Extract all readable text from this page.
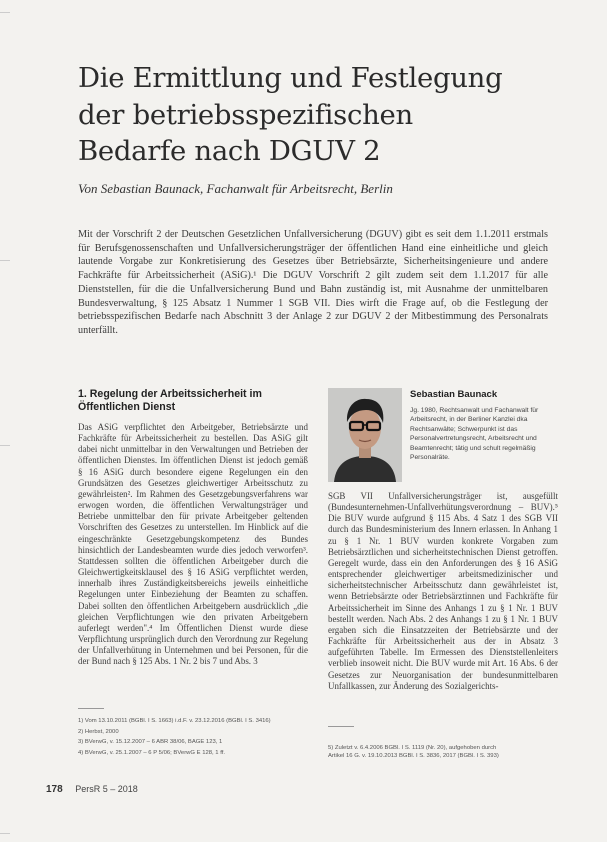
Die Ermittlung und Festlegung
der betriebsspezifischen
Bedarfe nach DGUV 2
Von Sebastian Baunack, Fachanwalt für Arbeitsrecht, Berlin
Mit der Vorschrift 2 der Deutschen Gesetzlichen Unfallversicherung (DGUV) gibt es seit dem 1.1.2011 erstmals für Berufsgenossenschaften und Unfallversicherungsträger der öffentlichen Hand eine einheitliche und gleich lautende Vorgabe zur Konkretisierung des Gesetzes über Betriebsärzte, Sicherheitsingenieure und andere Fachkräfte für Arbeitssicherheit (ASiG).¹ Die DGUV Vorschrift 2 gilt zudem seit dem 1.1.2017 für alle Dienststellen, für die die Unfallversicherung Bund und Bahn zuständig ist, mit Ausnahme der unmittelbaren Bundesverwaltung, § 125 Absatz 1 Nummer 1 SGB VII. Dies wirft die Frage auf, ob die Festlegung der betriebsspezifischen Bedarfe nach Abschnitt 3 der Anlage 2 zur DGUV 2 der Mitbestimmung des Personalrats unterfällt.
1. Regelung der Arbeitssicherheit im Öffentlichen Dienst
Das ASiG verpflichtet den Arbeitgeber, Betriebsärzte und Fachkräfte für Arbeitssicherheit zu bestellen. Das ASiG gilt dabei nicht unmittelbar in den Verwaltungen und Betrieben der öffentlichen Dienstes. Im öffentlichen Dienst ist jedoch gemäß § 16 ASiG durch besondere eigene Regelungen ein den Grundsätzen des Gesetzes gleichwertiger Arbeitsschutz zu gewährleisten². Im Rahmen des Gesetzgebungsverfahrens war erwogen worden, die öffentlichen Verwaltungsträger und Betriebe unmittelbar den für private Arbeitgeber geltenden Vorschriften des Gesetzes zu unterstellen. Im Hinblick auf die eingeschränkte Gesetzgebungskompetenz des Bundes hinsichtlich der Landesbeamten wurde dies jedoch verworfen³. Stattdessen sollten die öffentlichen Arbeitgeber durch die Gleichwertigkeitsklausel des § 16 ASiG verpflichtet werden, innerhalb ihres Zuständigkeitsbereichs jeweils einheitliche Regelungen unter Einbeziehung der Beamten zu schaffen. Dabei sollten den öffentlichen Arbeitgebern ausdrücklich „die gleichen Verpflichtungen wie den privaten Arbeitgebern auferlegt werden".⁴ Im Öffentlichen Dienst wurde diese Verpflichtung ursprünglich durch den Verordnung zur Regelung der Unfallverhütung in Unternehmen und bei Personen, für die der Bund nach § 125 Abs. 1 Nr. 2 bis 7 und Abs. 3
Sebastian Baunack
Jg. 1980, Rechtsanwalt und Fachanwalt für Arbeitsrecht, in der Berliner Kanzlei dka Rechtsanwälte; Schwerpunkt ist das Personalvertretungsrecht, Arbeitsrecht und Beamtenrecht; tätig und schult regelmäßig Personalräte.
SGB VII Unfallversicherungsträger ist, ausgefüllt (Bundesunternehmen-Unfallverhütungsverordnung – BUV).⁵ Die BUV wurde aufgrund § 115 Abs. 4 Satz 1 des SGB VII durch das Bundesministerium des Innern erlassen. In Anhang 1 zu § 1 Nr. 1 BUV wurden konkrete Vorgaben zum Betriebsärztlichen und sicherheitstechnischen Dienst getroffen. Geregelt wurde, dass ein den Anforderungen des § 16 ASiG entsprechender gleichwertiger arbeitsmedizinischer und sicherheitstechnischer Arbeitsschutz dann gewährleistet ist, wenn Betriebsärzte oder Betriebsärztinnen und Fachkräfte für Arbeitssicherheit im Sinne des Anhangs 1 zu § 1 Nr. 1 BUV bestellt werden. Nach Abs. 2 des Anhangs 1 zu § 1 Nr. 1 BUV ergaben sich die Einsatzzeiten der Betriebsärzte und der Fachkräfte für Arbeitssicherheit aus der in Absatz 3 aufgeführten Tabelle. Im Ermessen des Dienststellenleiters verblieb insoweit nicht. Die BUV wurde mit Art. 16 Abs. 6 der Gesetzes zur Neuorganisation der bundesunmittelbaren Unfallkassen, zur Änderung des Sozialgerichts-
1) Vom 13.10.2011 (BGBl. I S. 1663) i.d.F. v. 23.12.2016 (BGBl. I S. 3416)
2) Herbst, 2000
3) BVerwG, v. 15.12.2007 – 6 ABR 38/06, BAGE 123, 1
4) BVerwG, v. 25.1.2007 – 6 P 5/06; BVerwG E 128, 1 ff.
5) Zuletzt v. 6.4.2006 BGBl. I S. 1119 (Nr. 20), aufgehoben durch
Artikel 16 G. v. 19.10.2013 BGBl. I S. 3836, 2017 (BGBl. I S. 393)
178 PersR 5 – 2018
